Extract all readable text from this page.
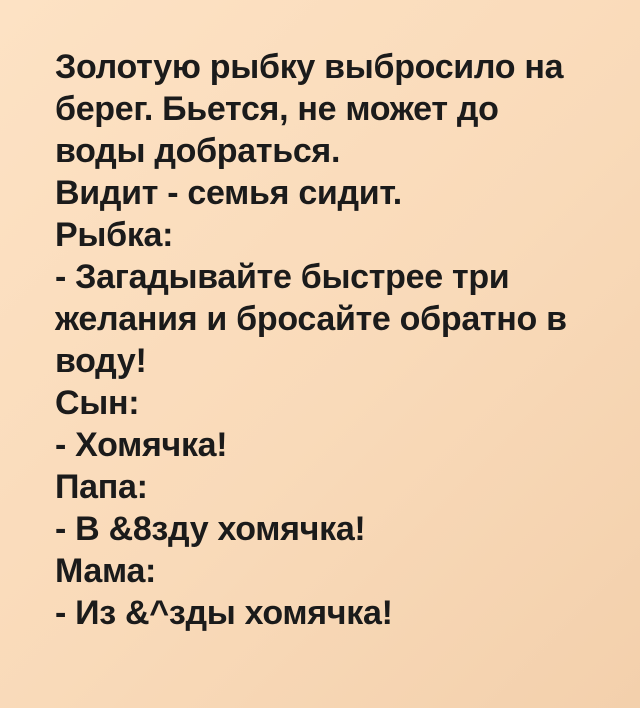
Золотую рыбку выбросило на
берег. Бьется, не может до
воды добраться.
Видит - семья сидит.
Рыбка:
- Загадывайте быстрее три
желания и бросайте обратно в
воду!
Сын:
- Хомячка!
Папа:
- В &8зду хомячка!
Мама:
- Из &^зды хомячка!
